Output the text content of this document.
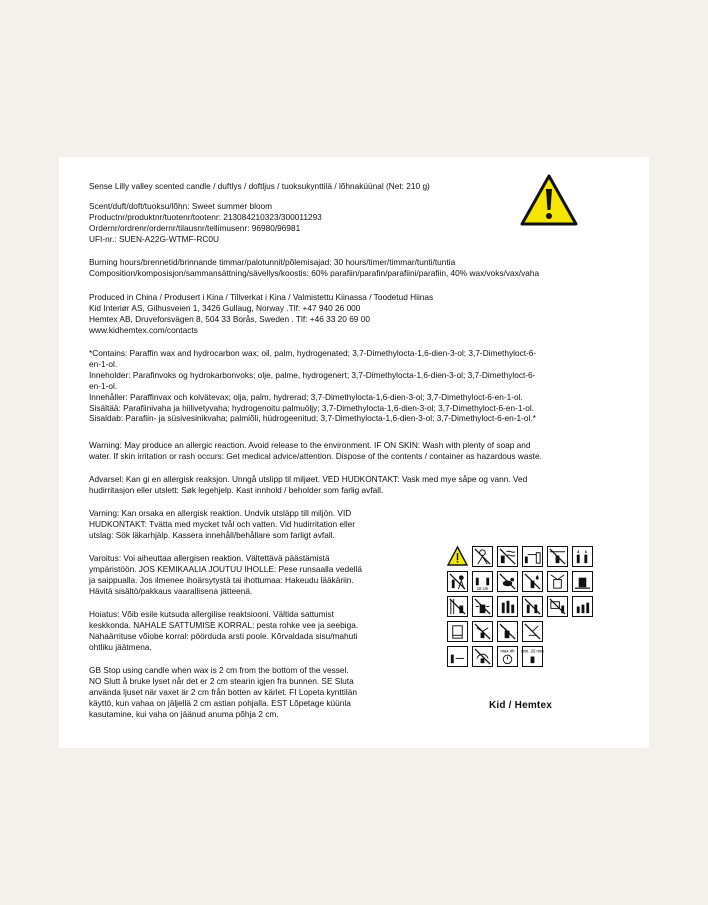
Sense Lilly valley scented candle / duftlys / doftljus / tuoksukynttilä / lõhnaküünal (Net: 210 g)
Scent/duft/doft/tuoksu/lõhn: Sweet summer bloom
Productnr/produktnr/tuotenr/tootenr: 213084210323/300011293
Ordernr/ordrenr/ordernr/tilausnr/tellimusenr: 96980/96981
UFI-nr.: SUEN-A22G-WTMF-RC0U
Burning hours/brennetid/brinnande timmar/palotunnit/põlemisajad: 30 hours/timer/timmar/tunti/tuntia
Composition/komposisjon/sammansättning/sävellys/koostis: 60% parafiin/parafin/parafiini/parafiin, 40% wax/voks/vax/vaha
Produced in China / Produsert i Kina / Tillverkat i Kina / Valmistettu Kiinassa / Toodetud Hiinas
Kid Interiør AS, Gilhusveien 1, 3426 Gullaug, Norway .Tlf: +47 940 26 000
Hemtex AB, Druveforsvägen 8, 504 33 Borås, Sweden . Tlf: +46 33 20 69 00
www.kidhemtex.com/contacts
*Contains: Paraffin wax and hydrocarbon wax; oil, palm, hydrogenated; 3,7-Dimethylocta-1,6-dien-3-ol; 3,7-Dimethyloct-6-
en-1-ol.
Inneholder: Parafinvoks og hydrokarbonvoks; olje, palme, hydrogenert; 3,7-Dimethylocta-1,6-dien-3-ol; 3,7-Dimethyloct-6-
en-1-ol.
Innehåller: Paraffinvax och kolvätevax; olja, palm, hydrerad; 3,7-Dimethylocta-1,6-dien-3-ol; 3,7-Dimethyloct-6-en-1-ol.
Sisältää: Parafiinivaha ja hiilivetyvaha; hydrogenoitu palmuöljy; 3,7-Dimethylocta-1,6-dien-3-ol; 3,7-Dimethyloct-6-en-1-ol.
Sisaldab: Parafiin- ja süsivesinikvaha; palmiõli, hüdrogeenitud; 3,7-Dimethylocta-1,6-dien-3-ol; 3,7-Dimethyloct-6-en-1-ol.*
Warning: May produce an allergic reaction. Avoid release to the environment. IF ON SKIN: Wash with plenty of soap and
water. If skin irritation or rash occurs: Get medical advice/attention. Dispose of the contents / container as hazardous waste.
Advarsel: Kan gi en allergisk reaksjon. Unngå utslipp til miljøet. VED HUDKONTAKT: Vask med mye såpe og vann. Ved
hudirritasjon eller utslett: Søk legehjelp. Kast innhold / beholder som farlig avfall.
Varning: Kan orsaka en allergisk reaktion. Undvik utsläpp till miljön. VID
HUDKONTAKT: Tvätta med mycket tvål och vatten. Vid hudirritation eller
utslag: Sök läkarhjälp. Kassera innehåll/behållare som farligt avfall.
Varoitus: Voi aiheuttaa allergisen reaktion. Vältettävä päästämistä
ympäristöön. JOS KEMIKAALIA JOUTUU IHOLLE: Pese runsaalla vedellä
ja saippualla. Jos ilmenee ihoärsytystä tai ihottumaa: Hakeudu lääkäriin.
Hävitä sisältö/pakkaus vaarallisena jätteenä.
Hoiatus: Võib esile kutsuda allergilise reaktsiooni. Vältida sattumist
keskkonda. NAHALE SATTUMISE KORRAL: pesta rohke vee ja seebiga.
Nahaärrituse võiobe korral: pöörduda arsti poole. Kõrvaldada sisu/mahuti
ohtliku jäätmena.
GB Stop using candle when wax is 2 cm from the bottom of the vessel.
NO Slutt å bruke lyset når det er 2 cm stearin igjen fra bunnen. SE Sluta
använda ljuset när vaxet är 2 cm från botten av kärlet. FI Lopeta kynttilän
käyttö, kun vahaa on jäljellä 2 cm astian pohjalla. EST Lõpetage küünla
kasutamine, kui vaha on jäänud anuma põhja 2 cm.
10 cm
max 4h min. 20 mm
Kid / Hemtex
